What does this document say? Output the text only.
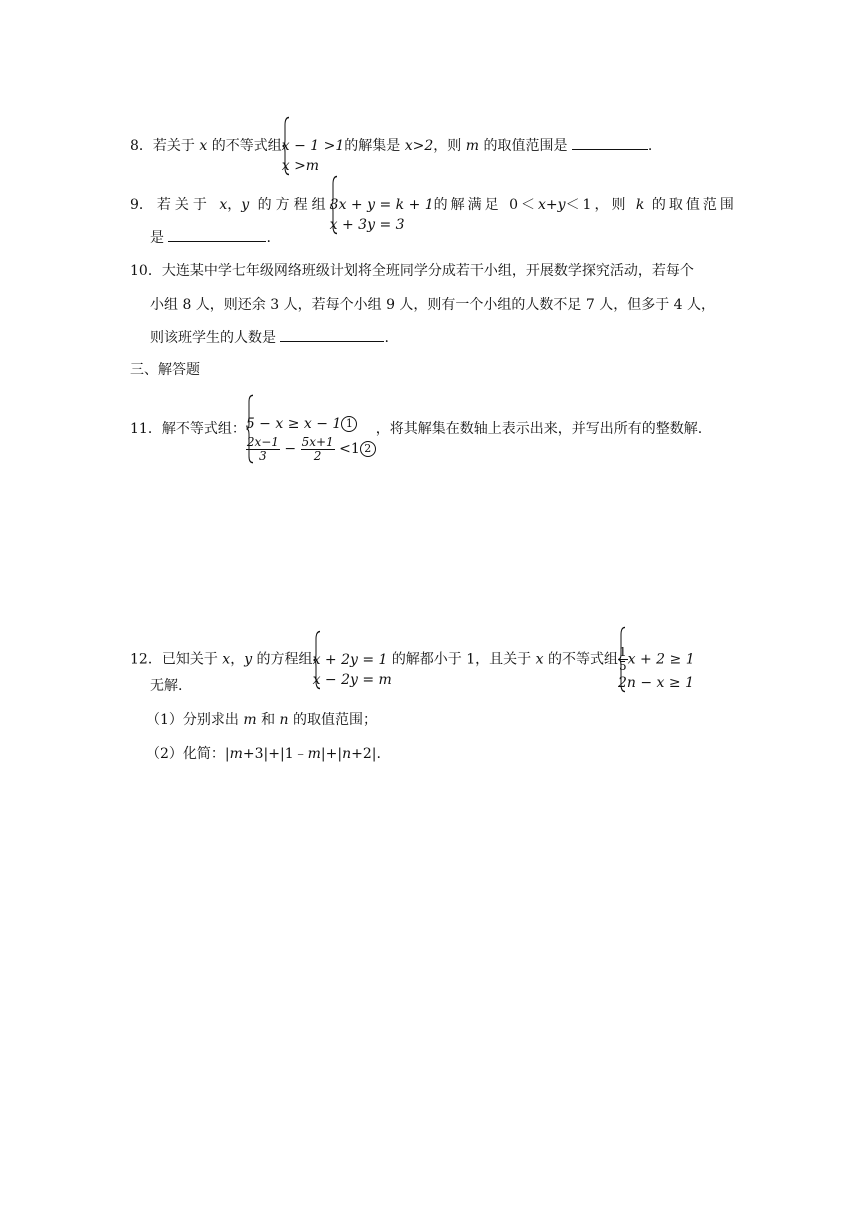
8．若关于 x 的不等式组 x − 1 >1
x >m
的解集是 x>2，则 m 的取值范围是	.
9．若关于 x，y 的方程组 3x + y = k + 1
x + 3y = 3
的解满足 0＜x+y＜1，则 k 的取值范围
是	.
10．大连某中学七年级网络班级计划将全班同学分成若干小组，开展数学探究活动，若每个
小组 8 人，则还余 3 人，若每个小组 9 人，则有一个小组的人数不足 7 人，但多于 4 人，
则该班学生的人数是	.
三、解答题
11．解不等式组： 5 − x ≥ x − 1 1
$\frac{2x-1}{3} - \frac{5x+1}{2} <1$ 2
，将其解集在数轴上表示出来，并写出所有的整数解.
12．已知关于 x，y 的方程组 x + 2y = 1
x − 2y = m
的解都小于 1，且关于 x 的不等式组 $\frac{1}{5}$ x + 2 ≥ 1
2n − x ≥ 1
无解.
（1）分别求出 m 和 n 的取值范围；
（2）化简：|m+3|+|1﹣m|+|n+2|.
